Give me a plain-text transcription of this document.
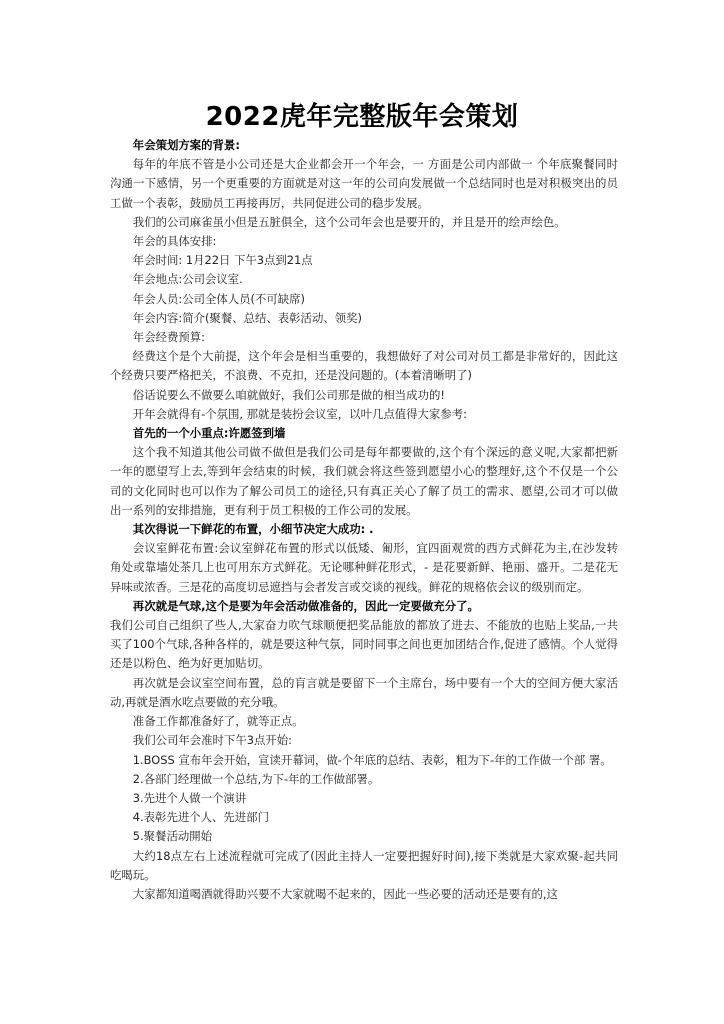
2022虎年完整版年会策划

年会策划方案的背景:

每年的年底不管是小公司还是大企业都会开一个年会，一 方面是公司内部做一 个年底聚餐同时沟通一下感情，另一个更重要的方面就是对这一年的公司向发展做一个总结同时也是对积极突出的员工做一个表彰，鼓励员工再接再厉，共同促进公司的稳步发展。

我们的公司麻雀虽小但是五脏俱全，这个公司年会也是要开的，并且是开的绘声绘色。

年会的具体安排:

年会时间: 1月22日 下午3点到21点

年会地点:公司会议室.

年会人员:公司全体人员(不可缺席)

年会内容:简介(聚餐、总结、表彰活动、领奖)

年会经费预算:

经费这个是个大前提，这个年会是相当重要的，我想做好了对公司对员工都是非常好的，因此这个经费只要严格把关，不浪费、不克扣，还是没问题的。(本着清晰明了)

俗话说要么不做要么咱就做好，我们公司那是做的相当成功的!

开年会就得有-个氛围, 那就是装扮会议室，以叶几点值得大家参考:

首先的一个小重点:许愿签到墙

这个我不知道其他公司做不做但是我们公司是每年都要做的,这个有个深远的意义呢,大家都把新一年的愿望写上去,等到年会结束的时候，我们就会将这些签到愿望小心的整理好,这个不仅是一个公司的文化同时也可以作为了解公司员工的途径,只有真正关心了解了员工的需求、愿望,公司才可以做出一系列的安排措施，更有利于员工积极的工作公司的发展。

其次得说一下鲜花的布置，小细节决定大成功: .

会议室鲜花布置:会议室鲜花布置的形式以低矮、匍形，宜四面观赏的西方式鲜花为主,在沙发转角处或靠墙处茶几上也可用东方式鲜花。无论哪种鲜花形式，- 是花要新鲜、艳丽、盛开。二是花无异味或浓香。三是花的高度切忌遮挡与会者发言或交谈的视线。鲜花的规格依会议的级别而定。

再次就是气球,这个是要为年会活动做准备的，因此一定要做充分了。

我们公司自己组织了些人,大家奋力吹气球顺便把奖品能放的都放了进去、不能放的也贴上奖品,一共买了100个气球,各种各样的，就是要这种气氛，同时同事之间也更加团结合作,促进了感情。个人觉得还是以粉色、绝为好更加贴切。

再次就是会议室空间布置，总的肓言就是要留下一个主席台，场中要有一个大的空间方便大家活动,再就是酒水吃点要做的充分哦。

准备工作都准备好了，就等正点。

我们公司年会准时下午3点开始:

1.BOSS 宣布年会开始，宣读开幕词，做-个年底的总结、表彰，粗为下-年的工作做一个部 署。

2.各部门经理做一个总结,为下-年的工作做部署。

3.先进个人做一个演讲

4.表彰先进个人、先进部门

5.聚餐活动開始

大约18点左右上述流程就可完成了(因此主持人一定要把握好时间),接下类就是大家欢聚-起共同吃喝玩。

大家都知道喝酒就得助兴要不大家就喝不起来的，因此一些必要的活动还是要有的,这
